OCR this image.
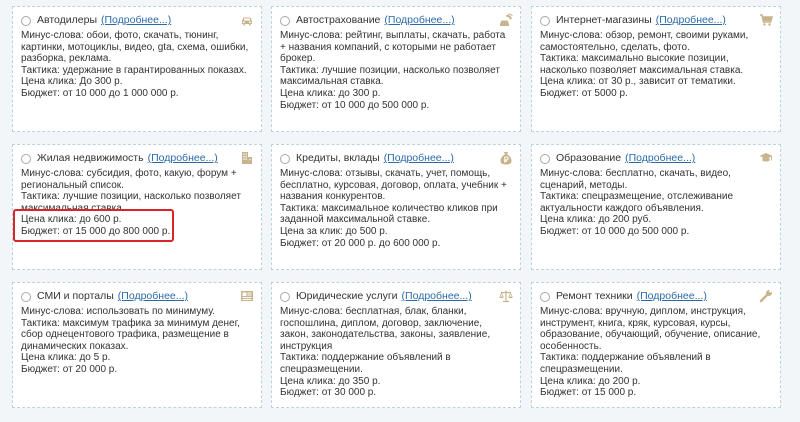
Автодилеры (Подробнее...)
Минус-слова: обои, фото, скачать, тюнинг, картинки, мотоциклы, видео, gta, схема, ошибки, разборка, реклама.
Тактика: удержание в гарантированных показах.
Цена клика: До 300 р.
Бюджет: от 10 000 до 1 000 000 р.
Автострахование (Подробнее...)
Минус-слова: рейтинг, выплаты, скачать, работа + названия компаний, с которыми не работает брокер.
Тактика: лучшие позиции, насколько позволяет максимальная ставка.
Цена клика: до 300 р.
Бюджет: от 10 000 до 500 000 р.
Интернет-магазины (Подробнее...)
Минус-слова: обзор, ремонт, своими руками, самостоятельно, сделать, фото.
Тактика: максимально высокие позиции, насколько позволяет максимальная ставка.
Цена клика: от 30 р., зависит от тематики.
Бюджет: от 5000 р.
Жилая недвижимость (Подробнее...)
Минус-слова: субсидия, фото, какую, форум + региональный список.
Тактика: лучшие позиции, насколько позволяет максимальная ставка.
Цена клика: до 600 р.
Бюджет: от 15 000 до 800 000 р.
Кредиты, вклады (Подробнее...)
Минус-слова: отзывы, скачать, учет, помощь, бесплатно, курсовая, договор, оплата, учебник + названия конкурентов.
Тактика: максимальное количество кликов при заданной максимальной ставке.
Цена за клик: до 500 р.
Бюджет: от 20 000 р. до 600 000 р.
Образование (Подробнее...)
Минус-слова: бесплатно, скачать, видео, сценарий, методы.
Тактика: спецразмещение, отслеживание актуальности каждого объявления.
Цена клика: до 200 руб.
Бюджет: от 10 000 до 500 000 р.
СМИ и порталы (Подробнее...)
Минус-слова: использовать по минимуму.
Тактика: максимум трафика за минимум денег, сбор однецентового трафика, размещение в динамических показах.
Цена клика: до 5 р.
Бюджет: от 20 000 р.
Юридические услуги (Подробнее...)
Минус-слова: бесплатная, блак, бланки, госпошлина, диплом, договор, заключение, закон, законодательства, законы, заявление, инструкция
Тактика: поддержание объявлений в спецразмещении.
Цена клика: до 350 р.
Бюджет: от 30 000 р.
Ремонт техники (Подробнее...)
Минус-слова: вручную, диплом, инструкция, инструмент, книга, кряк, курсовая, курсы, образование, обучающий, обучение, описание, особенность.
Тактика: поддержание объявлений в спецразмещении.
Цена клика: до 200 р.
Бюджет: от 15 000 р.
